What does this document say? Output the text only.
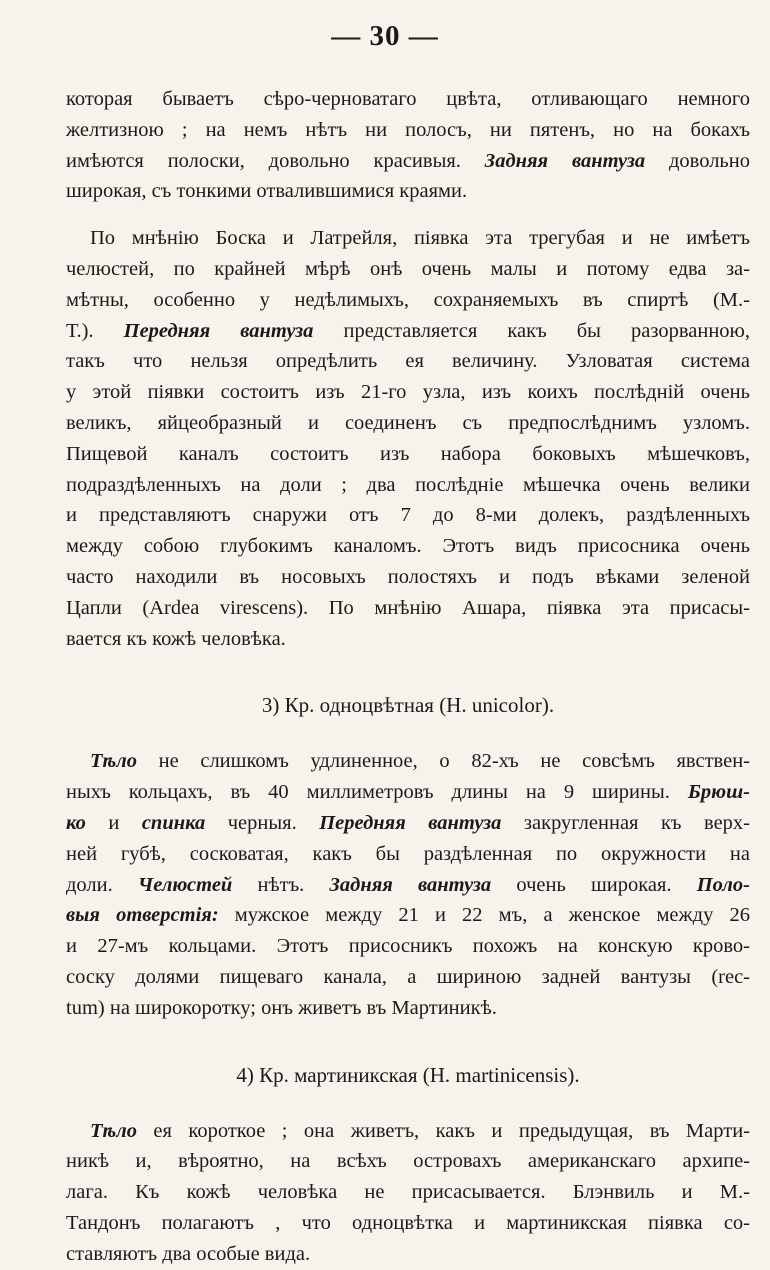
— 30 —

которая бываетъ сѣро-черноватаго цвѣта, отливающаго немного

желтизною ; на немъ нѣтъ ни полосъ, ни пятенъ, но на бокахъ

имѣются полоски, довольно красивыя. Задняя вантуза довольно

широкая, съ тонкими отвалившимися краями.

По мнѣнію Боска и Латрейля, піявка эта трегубая и не имѣетъ

челюстей, по крайней мѣрѣ онѣ очень малы и потому едва за-

мѣтны, особенно у недѣлимыхъ, сохраняемыхъ въ спиртѣ (М.-

Т.). Передняя вантуза представляется какъ бы разорванною,

такъ что нельзя опредѣлить ея величину. Узловатая система

у этой піявки состоитъ изъ 21-го узла, изъ коихъ послѣдній очень

великъ, яйцеобразный и соединенъ съ предпослѣднимъ узломъ.

Пищевой каналъ состоитъ изъ набора боковыхъ мѣшечковъ,

подраздѣленныхъ на доли ; два послѣдніе мѣшечка очень велики

и представляютъ снаружи отъ 7 до 8-ми долекъ, раздѣленныхъ

между собою глубокимъ каналомъ. Этотъ видъ присосника очень

часто находили въ носовыхъ полостяхъ и подъ вѣками зеленой

Цапли (Ardea virescens). По мнѣнію Ашара, піявка эта присасы-

вается къ кожѣ человѣка.

3) Кр. одноцвѣтная (H. unicolor).

Тѣло не слишкомъ удлиненное, о 82-хъ не совсѣмъ явствен-

ныхъ кольцахъ, въ 40 миллиметровъ длины на 9 ширины. Брюш-

ко и спинка черныя. Передняя вантуза закругленная къ верх-

ней губѣ, сосковатая, какъ бы раздѣленная по окружности на

доли. Челюстей нѣтъ. Задняя вантуза очень широкая. Поло-

выя отверстія: мужское между 21 и 22 мъ, а женское между 26

и 27-мъ кольцами. Этотъ присосникъ похожъ на конскую крово-

соску долями пищеваго канала, а шириною задней вантузы (rec-

tum) на широкоротку; онъ живетъ въ Мартиникѣ.

4) Кр. мартиникская (H. martinicensis).

Тѣло ея короткое ; она живетъ, какъ и предыдущая, въ Марти-

никѣ и, вѣроятно, на всѣхъ островахъ американскаго архипе-

лага. Къ кожѣ человѣка не присасывается. Блэнвиль и М.-

Тандонъ полагаютъ , что одноцвѣтка и мартиникская піявка со-

ставляютъ два особые вида.
